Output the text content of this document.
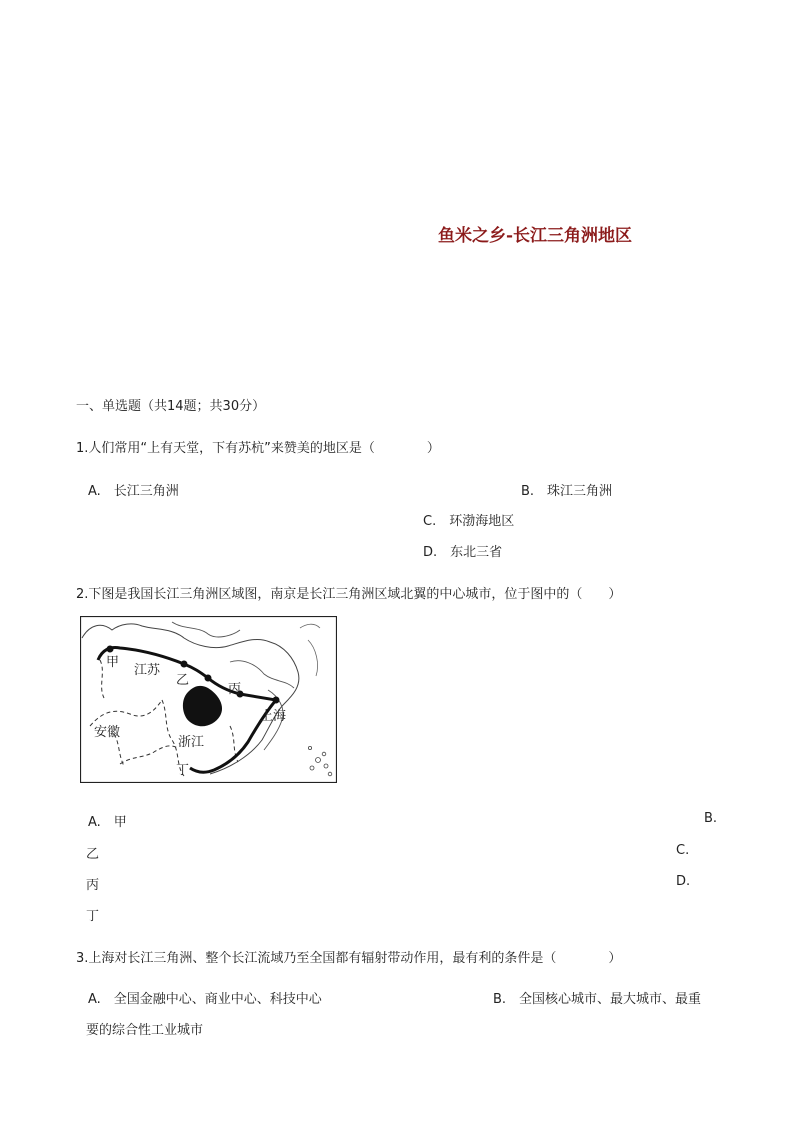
鱼米之乡-长江三角洲地区
一、单选题（共14题；共30分）
1.人们常用“上有天堂，下有苏杭”来赞美的地区是（　　　　）
A.　长江三角洲	B.　珠江三角洲
C.　环渤海地区
D.　东北三省
2.下图是我国长江三角洲区域图，南京是长江三角洲区域北翼的中心城市，位于图中的（　　）
甲
江苏
乙
丙
上海
安徽
浙江
丁
A.　甲	B.
乙	C.
丙	D.
丁
3.上海对长江三角洲、整个长江流域乃至全国都有辐射带动作用，最有利的条件是（　　　　）
A.　全国金融中心、商业中心、科技中心	B.　全国核心城市、最大城市、最重
要的综合性工业城市
